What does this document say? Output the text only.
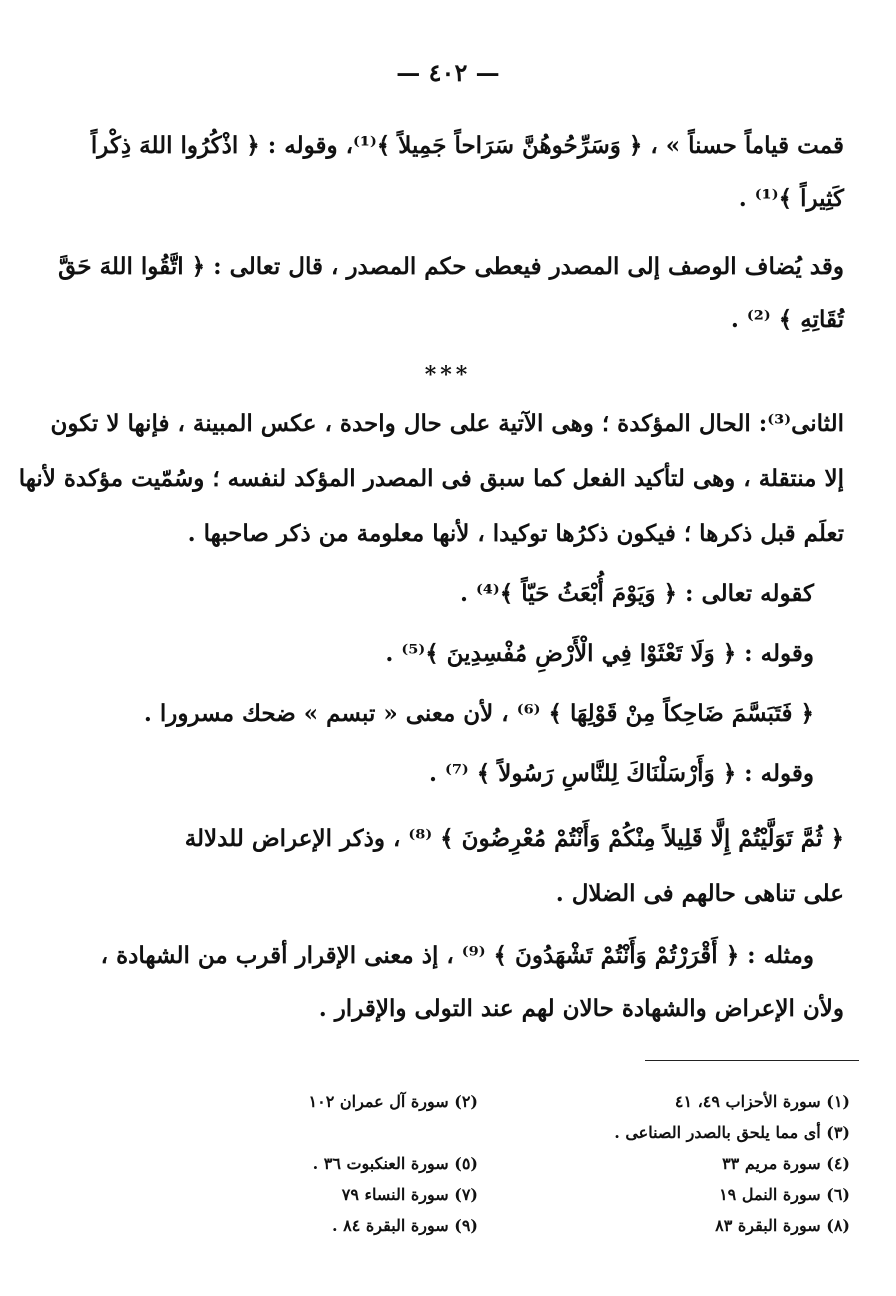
— ٤٠٢ —
قمت قياماً حسناً » ، ﴿ وَسَرِّحُوهُنَّ سَرَاحاً جَمِيلاً ﴾⁽¹⁾، وقوله : ﴿ اذْكُرُوا اللهَ ذِكْراً
كَثِيراً ﴾⁽¹⁾ .
وقد يُضاف الوصف إلى المصدر فيعطى حكم المصدر ، قال تعالى : ﴿ اتَّقُوا اللهَ حَقَّ
تُقَاتِهِ ﴾ ⁽²⁾ .
***
الثانى⁽³⁾: الحال المؤكدة ؛ وهى الآتية على حال واحدة ، عكس المبينة ، فإنها لا تكون
إلا منتقلة ، وهى لتأكيد الفعل كما سبق فى المصدر المؤكد لنفسه ؛ وسُمّيت مؤكدة لأنها
تعلَم قبل ذكرها ؛ فيكون ذكرُها توكيدا ، لأنها معلومة من ذكر صاحبها .
كقوله تعالى : ﴿ وَيَوْمَ أُبْعَثُ حَيّاً ﴾⁽⁴⁾ .
وقوله : ﴿ وَلَا تَعْثَوْا فِي الْأَرْضِ مُفْسِدِينَ ﴾⁽⁵⁾ .
﴿ فَتَبَسَّمَ ضَاحِكاً مِنْ قَوْلِهَا ﴾ ⁽⁶⁾ ، لأن معنى « تبسم » ضحك مسرورا .
وقوله : ﴿ وَأَرْسَلْنَاكَ لِلنَّاسِ رَسُولاً ﴾ ⁽⁷⁾ .
﴿ ثُمَّ تَوَلَّيْتُمْ إِلَّا قَلِيلاً مِنْكُمْ وَأَنْتُمْ مُعْرِضُونَ ﴾ ⁽⁸⁾ ، وذكر الإعراض للدلالة
على تناهى حالهم فى الضلال .
ومثله : ﴿ أَقْرَرْتُمْ وَأَنْتُمْ تَشْهَدُونَ ﴾ ⁽⁹⁾ ، إذ معنى الإقرار أقرب من الشهادة ،
ولأن الإعراض والشهادة حالان لهم عند التولى والإقرار .
(١) سورة الأحزاب ٤٩، ٤١
(٢) سورة آل عمران ١٠٢
(٣) أى مما يلحق بالصدر الصناعى .
(٤) سورة مريم ٣٣
(٥) سورة العنكبوت ٣٦ .
(٦) سورة النمل ١٩
(٧) سورة النساء ٧٩
(٨) سورة البقرة ٨٣
(٩) سورة البقرة ٨٤ .
